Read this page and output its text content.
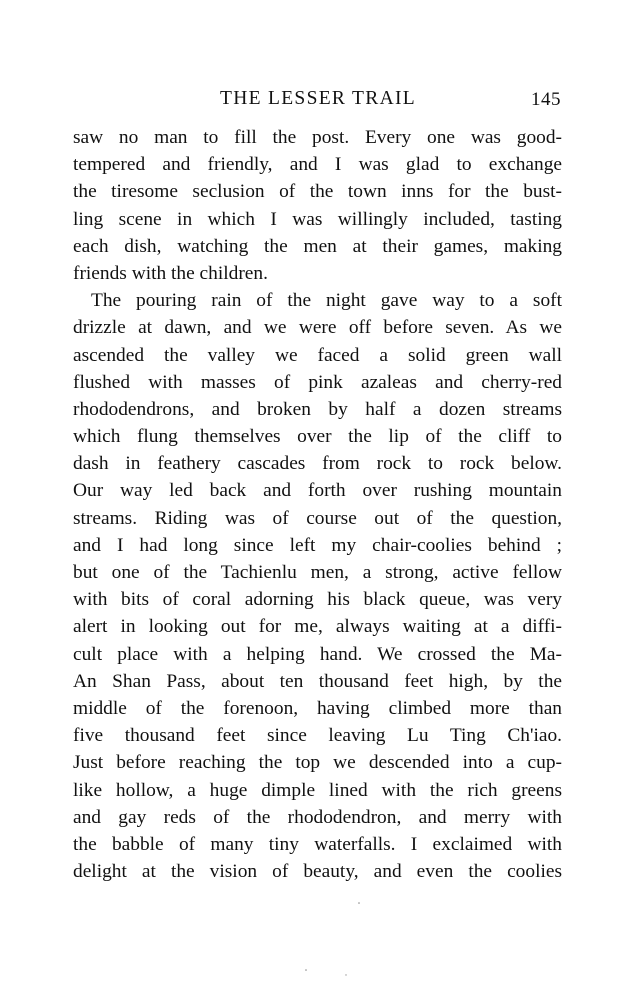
THE LESSER TRAIL	145
saw no man to fill the post. Every one was good-
tempered and friendly, and I was glad to exchange
the tiresome seclusion of the town inns for the bust-
ling scene in which I was willingly included, tasting
each dish, watching the men at their games, making
friends with the children.
The pouring rain of the night gave way to a soft
drizzle at dawn, and we were off before seven. As we
ascended the valley we faced a solid green wall
flushed with masses of pink azaleas and cherry-red
rhododendrons, and broken by half a dozen streams
which flung themselves over the lip of the cliff to
dash in feathery cascades from rock to rock below.
Our way led back and forth over rushing mountain
streams. Riding was of course out of the question,
and I had long since left my chair-coolies behind ;
but one of the Tachienlu men, a strong, active fellow
with bits of coral adorning his black queue, was very
alert in looking out for me, always waiting at a diffi-
cult place with a helping hand. We crossed the Ma-
An Shan Pass, about ten thousand feet high, by the
middle of the forenoon, having climbed more than
five thousand feet since leaving Lu Ting Ch'iao.
Just before reaching the top we descended into a cup-
like hollow, a huge dimple lined with the rich greens
and gay reds of the rhododendron, and merry with
the babble of many tiny waterfalls. I exclaimed with
delight at the vision of beauty, and even the coolies
